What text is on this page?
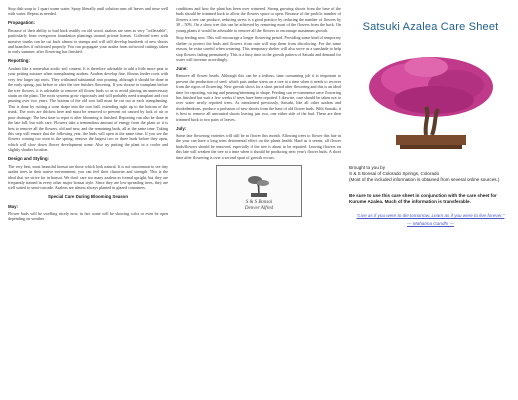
Stop dish soap to 1 quart warm water. Spray liberally until solution runs off leaves and rinse well with water. Repeat as needed.

Propagation:

Because of their ability to bud back readily on old wood, azaleas are seen as very "collectable", particularly from overgrown foundation plantings around private homes. Collected trees with massive trunks can be cut back almost to stumps and will still develop hundreds of new shoots and branches if cultivated properly. You can propagate your azalea from softwood cuttings taken in early summer, after flowering has finished.

Repotting:

Azaleas like a somewhat acidic soil content. It is therefore advisable to add a little more peat to your potting mixture when transplanting azaleas. Azaleas develop fine, fibrous feeder roots with very few larger tap roots. They withstand substantial root pruning, although it should be done in the early spring, just before or after the tree finishes flowering. If you choose to transplant before the tree flowers, it is advisable to remove all flower buds so as to avoid placing an unnecessary strain on the plant. The roots systems grow vigorously and will probably need transplant and root pruning over two years. The bottom of the old root ball must be cut out at each transplanting. This is done by cutting a cone shape into the root ball, extending right up to the bottom of the trunk. The roots are thickest here and must be removed to prevent rot caused by lack of air or poor drainage. The best time to repot is after blooming is finished. Repotting can also be done in the late fall, but with care. Flowers take a tremendous amount of energy from the plant so it is best to remove all the flowers, old and new, and the remaining buds, all at the same time. Taking this step will ensure that the following year, the buds will open at the same time. If you see the flowers coming too soon in the spring, remove the largest two or three buds before they open, which will slow down flower development some. Also try putting the plant in a cooler and slightly shadier location.

Design and Styling:

The very best, most beautiful bonsai are those which look natural. It is not uncommon to see tiny azalea trees in their native environment, you can feel their character and strength. This is the ideal that we strive for in bonsai. We don't care too many azaleas as formal upright, but they are frequently trained in every other major bonsai style. Since they are low-spreading trees, they are well suited to semi-cascade. Azaleas are almost always planted in glazed containers.

Special Care During Blooming Season
May:

Flower buds will be swelling nicely now, in fact some will be showing color or even be open depending on weather

conditions and how the plant has been over wintered. Strong growing shoots from the base of the buds should be trimmed back to allow the flowers space to open. Because of the prolific number of flowers a tree can produce, reducing stress is a good practice by reducing the number of flowers by 30 – 50%. On a show tree this can be achieved by removing most of the flowers from the back. On young plants it would be advisable to remove all the flowers to encourage maximum growth.

Stop feeding now. This will encourage a longer flowering period. Providing some kind of temporary shelter to protect the buds and flowers from rain will stop them from discoloring. For the same reason, be extra careful when watering. This temporary shelter will also serve as a sunshade to help stop flowers fading prematurely. This is a busy time in the growth pattern of Satsuki and demand for water will increase accordingly.

June:

Remove all flower heads. Although this can be a tedious, time consuming job it is important to prevent the production of seed, which puts undue stress on a tree at a time when it needs to recover from the rigors of flowering. New growth slows for a short period after flowering and this is an ideal time for repotting, wiring and pruning/trimming to shape. Feeding can re-commence once flowering has finished but wait a few weeks if trees have been repotted. Likewise, care should be taken not to over water newly repotted trees. As mentioned previously, Satsuki, like all other azaleas and rhododendrons, produce a profusion of new shoots from the base of old flower buds. With Satsuki, it is best to remove all unwanted shoots leaving just two, one either side of the bud. These are then trimmed back to two pairs of leaves.

July:

Some late flowering varieties will still be in flower this month. Allowing trees to flower this late in the year can have a long term detrimental effect on the plants health. Hard as it seems, all flower buds/flowers should be removed, especially if the tree is about to be repotted. Leaving flowers on this late will weaken the tree at a time when it should be producing next year's flower buds. A short time after flowering is over a second spurt of growth occurs.

S & S Bonsai
Denver Alfred
Satsuki Azalea Care Sheet
Brought to you by
S & S Bonsai of Colorado Springs, Colorado
(Most of the included information is obtained from several online sources.)
Be sure to use this care sheet in conjunction with the care sheet for Kurume Azalea. Much of the information is transferable.
"Live as if you were to die tomorrow. Learn as if you were to live forever."
— Mahatma Gandhi —
